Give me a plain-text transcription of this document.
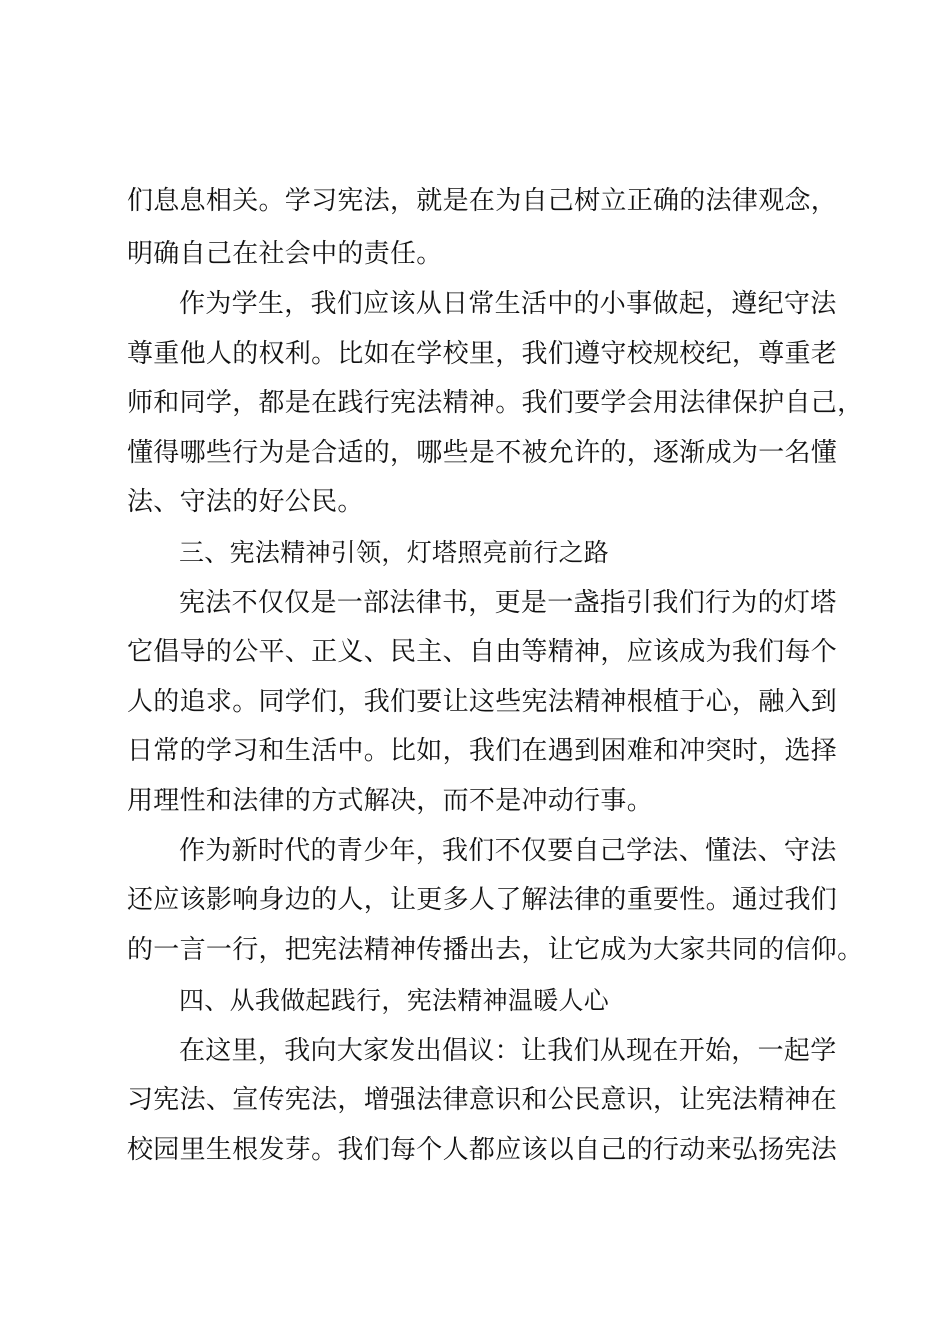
们息息相关。学习宪法，就是在为自己树立正确的法律观念，
明确自己在社会中的责任。
作为学生，我们应该从日常生活中的小事做起，遵纪守法
尊重他人的权利。比如在学校里，我们遵守校规校纪，尊重老
师和同学，都是在践行宪法精神。我们要学会用法律保护自己，
懂得哪些行为是合适的，哪些是不被允许的，逐渐成为一名懂
法、守法的好公民。
三、宪法精神引领，灯塔照亮前行之路
宪法不仅仅是一部法律书，更是一盏指引我们行为的灯塔
它倡导的公平、正义、民主、自由等精神，应该成为我们每个
人的追求。同学们，我们要让这些宪法精神根植于心，融入到
日常的学习和生活中。比如，我们在遇到困难和冲突时，选择
用理性和法律的方式解决，而不是冲动行事。
作为新时代的青少年，我们不仅要自己学法、懂法、守法
还应该影响身边的人，让更多人了解法律的重要性。通过我们
的一言一行，把宪法精神传播出去，让它成为大家共同的信仰。
四、从我做起践行，宪法精神温暖人心
在这里，我向大家发出倡议：让我们从现在开始，一起学
习宪法、宣传宪法，增强法律意识和公民意识，让宪法精神在
校园里生根发芽。我们每个人都应该以自己的行动来弘扬宪法
